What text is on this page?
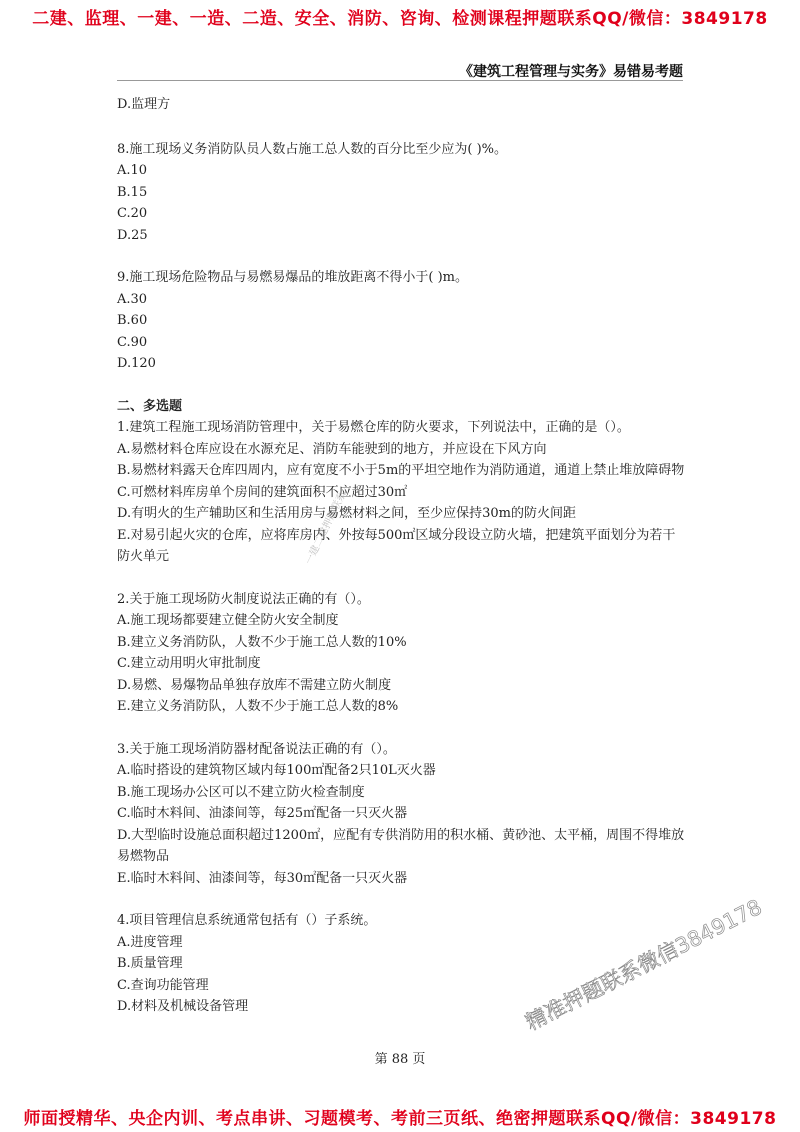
二建、监理、一建、一造、二造、安全、消防、咨询、检测课程押题联系QQ/微信：3849178
《建筑工程管理与实务》易错易考题
D.监理方
8.施工现场义务消防队员人数占施工总人数的百分比至少应为( )%。
A.10
B.15
C.20
D.25
9.施工现场危险物品与易燃易爆品的堆放距离不得小于( )m。
A.30
B.60
C.90
D.120
二、多选题
1.建筑工程施工现场消防管理中，关于易燃仓库的防火要求，下列说法中，正确的是（）。
A.易燃材料仓库应设在水源充足、消防车能驶到的地方，并应设在下风方向
B.易燃材料露天仓库四周内，应有宽度不小于5m的平坦空地作为消防通道，通道上禁止堆放障碍物
C.可燃材料库房单个房间的建筑面积不应超过30㎡
D.有明火的生产辅助区和生活用房与易燃材料之间，至少应保持30m的防火间距
E.对易引起火灾的仓库，应将库房内、外按每500㎡区域分段设立防火墙，把建筑平面划分为若干防火单元
2.关于施工现场防火制度说法正确的有（）。
A.施工现场都要建立健全防火安全制度
B.建立义务消防队，人数不少于施工总人数的10%
C.建立动用明火审批制度
D.易燃、易爆物品单独存放库不需建立防火制度
E.建立义务消防队，人数不少于施工总人数的8%
3.关于施工现场消防器材配备说法正确的有（）。
A.临时搭设的建筑物区域内每100㎡配备2只10L灭火器
B.施工现场办公区可以不建立防火检查制度
C.临时木料间、油漆间等，每25㎡配备一只灭火器
D.大型临时设施总面积超过1200㎡，应配有专供消防用的积水桶、黄砂池、太平桶，周围不得堆放易燃物品
E.临时木料间、油漆间等，每30㎡配备一只灭火器
4.项目管理信息系统通常包括有（）子系统。
A.进度管理
B.质量管理
C.查询功能管理
D.材料及机械设备管理
一建二建押题联系
精准押题联系微信3849178
第 88 页
师面授精华、央企内训、考点串讲、习题模考、考前三页纸、绝密押题联系QQ/微信：3849178
